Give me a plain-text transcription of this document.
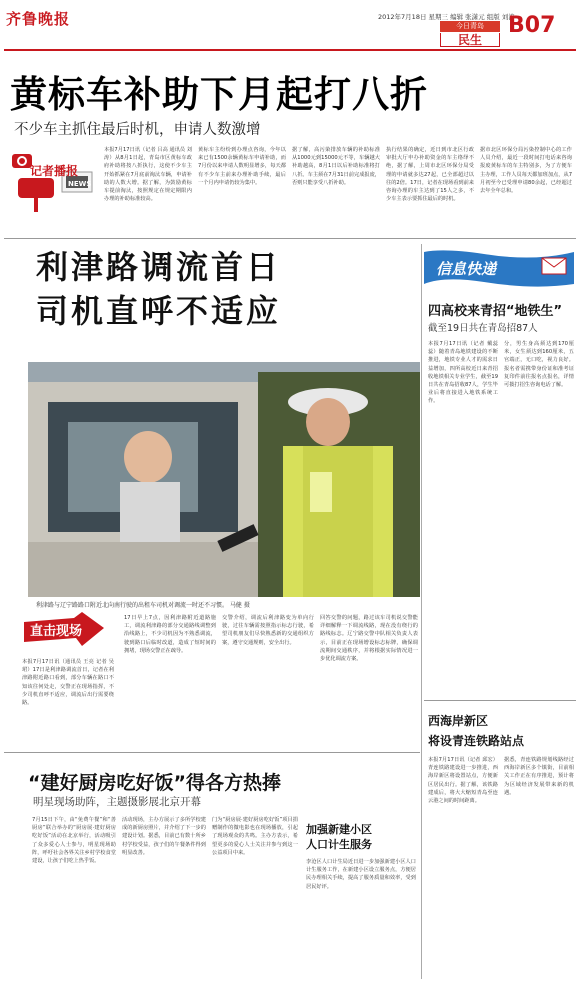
齐鲁晚报	2012年7月18日 星期三 编辑 张潇元 组版 刘涛
今日青岛
民生
B07
黄标车补助下月起打八折
不少车主抓住最后时机，申请人数激增
记者播报
NEWS
本报7月17日讯（记者 吕高 通讯员 刘涛）从8月1日起，青岛市区黄标车政府补助将按八折执行，这使不少车主开始抓紧在7月底前淘汰车辆，申请补助的人数大增。据了解，为鼓励黄标车提前淘汰，按照规定在规定期限内办理的补助标准较高。
黄标车主纷纷到办理点咨询，今年以来已有1500余辆黄标车申请补助，而7月份以来申请人数明显增多，每天都有不少车主前来办理补助手续，最后一个月内申请仍较为集中。
据了解，高污染排放车辆的补助标准从1000元到15000元不等，车辆越大补助越高，8月1日以后补助标准将打八折。车主须在7月31日前完成报废，否则只能享受八折补助。
执行结果的确定，近日到市北区行政审批大厅申办补助资金的车主络绎不绝，据了解，上周市北区环保分局受理的申请就多达27起，已全部超过以往的2倍。17日，记者在现场看到前来咨询办理的车主达到了15人之多，不少车主表示要抓住最后的时机。
据市北区环保分局污染控制中心的工作人员介绍，最近一段时间打电话来咨询报废黄标车的车主特别多，为了方便车主办理，工作人员每天都加班加点，从7月初至今已受理申请80余起，已经超过去年全年总和。
利津路调流首日
司机直呼不适应
利津路与辽宁路路口附近北向南行驶的出租车司机对调流一时还不习惯。 马健 摄
直击现场
本报7月17日讯（通讯员 王亮 记者 吴珺）17日是利津路调流首日，记者在利津路附近路口看到，部分车辆在路口不知该往何处走，交警正在现场指挥，不少司机直呼不适应，调流后出行需要绕路。
17日早上7点，因利津路附近道路施工，调流利津路的部分交通路线调整到沿线路上，不少司机因为不熟悉调流，驶到路口后临时改道，造成了短时间的拥堵，现场交警正在疏导。
交警介绍，调流后利津路变为单向行驶，过往车辆需按照指示标志行驶，希望司机朋友们尽快熟悉新的交通组织方案，遵守交通规则，安全出行。
回答交警的问题，路过该车司机说交警能详细解释一下调流线路，现在没有绕行的路线标志。辽宁路交警中队相关负责人表示，目前正在现场增设标志标牌，确保调流期间交通秩序，并将根据实际情况进一步优化调流方案。
“建好厨房吃好饭”得各方热捧
明星现场助阵，主题摄影展北京开幕
7月15日下午，由“免费午餐”和“善厨房”联合举办的“厨房展·建好厨房吃好饭”活动在北京举行，活动吸引了众多爱心人士参与，明星现场助阵，呼吁社会各界关注乡村学校食堂建设，让孩子们吃上热乎饭。
活动现场，主办方展示了多所学校建成的新厨房照片，并介绍了下一步的建设计划。据悉，目前已有数十所乡村学校受益，孩子们的午餐条件得到明显改善。
门为“厨房展·建好厨房吃好饭”项目捐赠制作的微电影也在现场播放，引起了现场观众的共鸣。主办方表示，希望更多的爱心人士关注并参与到这一公益项目中来。
加强新建小区
人口计生服务
李沧区人口计生局近日进一步加强新建小区人口计生服务工作，在新建小区设立服务点，方便居民办理相关手续，提高了服务质量和效率，受到居民好评。
信息快递
四高校来青招“地铁生”
截至19日共在青岛招87人
本报7月17日讯（记者 戴蕊蕊）随着青岛地铁建设的不断推进，地铁专业人才的需求日益增加，四所高校近日来青招收地铁相关专业学生，截至19日共在青岛招收87人，学生毕业后将直接进入地铁系统工作。
分，男生身高须达到170厘米，女生须达到160厘米，五官端正，无口吃，视力良好。报名者需携带身份证和准考证复印件前往报名点报名，详情可拨打招生咨询电话了解。
西海岸新区
将设青连铁路站点
本报7月17日讯（记者 邱宏）青连铁路建设进一步推进，西海岸新区将设置站点，方便新区居民出行。据了解，该铁路建成后，将大大缩短青岛至连云港之间的时间距离。
据悉，青连铁路规划线路经过西海岸新区多个镇街，目前相关工作正在有序推进，预计将为区域经济发展带来新的机遇。
